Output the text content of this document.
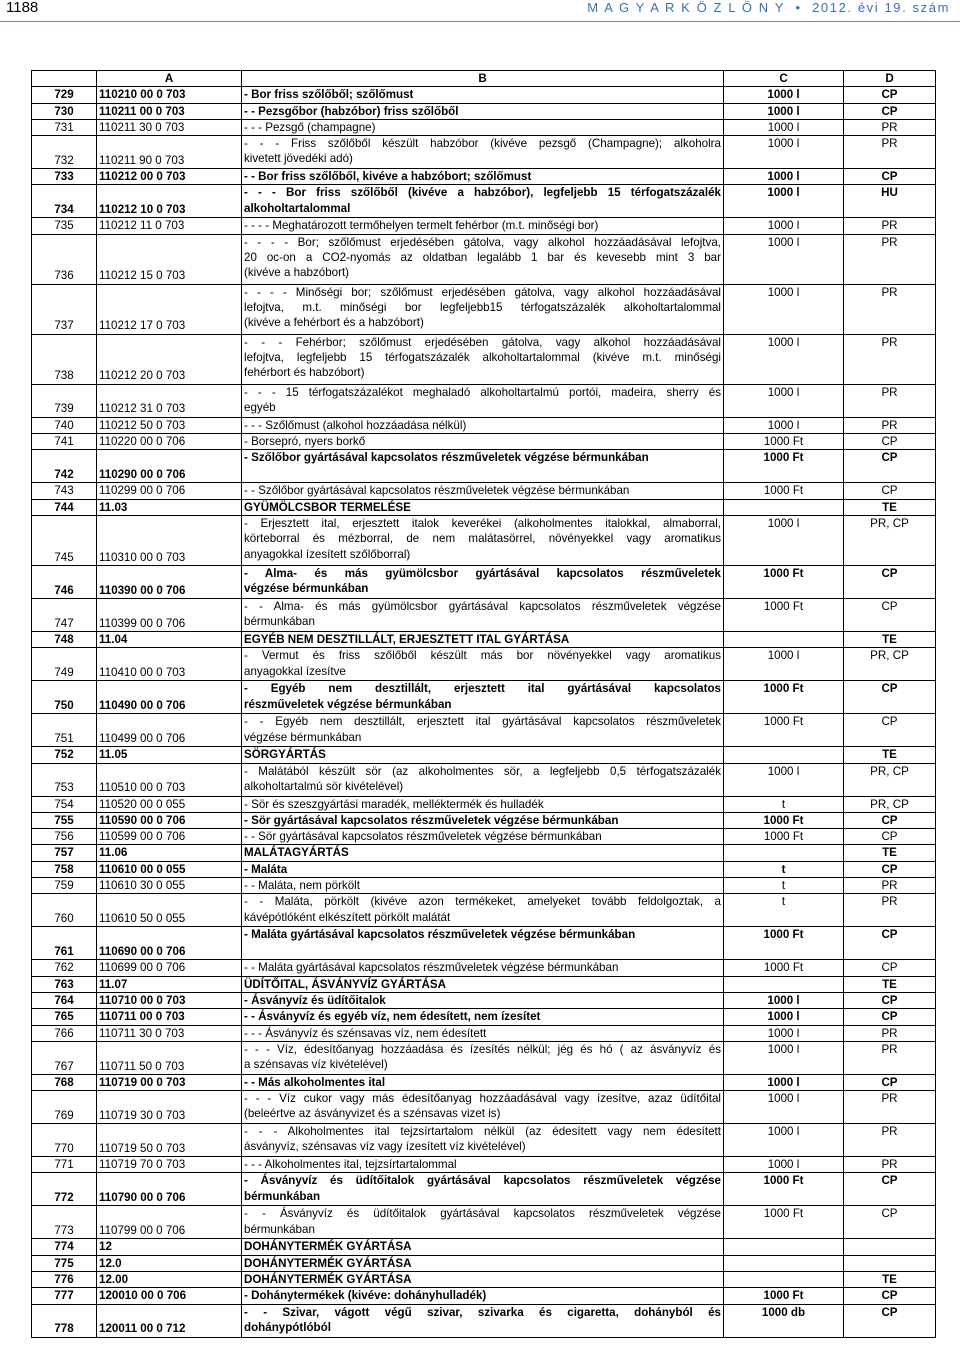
1188	M A G Y A R K Ö Z L Ö N Y • 2012. évi 19. szám
	A	B	C	D
729	110210 00 0 703	- Bor friss szőlőből; szőlőmust	1000 l	CP
730	110211 00 0 703	- - Pezsgőbor (habzóbor) friss szőlőből	1000 l	CP
731	110211 30 0 703	- - - Pezsgő (champagne)	1000 l	PR
732	110211 90 0 703	- - - Friss szőlőből készült habzóbor (kivéve pezsgő (Champagne); alkoholra
kivetett jövedéki adó)	1000 l	PR
733	110212 00 0 703	- - Bor friss szőlőből, kivéve a habzóbort; szőlőmust	1000 l	CP
734	110212 10 0 703	- - - Bor friss szőlőből (kivéve a habzóbor), legfeljebb 15 térfogatszázalék
alkoholtartalommal	1000 l	HU
735	110212 11 0 703	- - - - Meghatározott termőhelyen termelt fehérbor (m.t. minőségi bor)	1000 l	PR
736	110212 15 0 703	- - - - Bor; szőlőmust erjedésében gátolva, vagy alkohol hozzáadásával lefojtva,
20 oc-on a CO2-nyomás az oldatban legalább 1 bar és kevesebb mint 3 bar
(kivéve a habzóbort)	1000 l	PR
737	110212 17 0 703	- - - - Minőségi bor; szőlőmust erjedésében gátolva, vagy alkohol hozzáadásával
lefojtva, m.t. minőségi bor legfeljebb15 térfogatszázalék alkoholtartalommal
(kivéve a fehérbort és a habzóbort)	1000 l	PR
738	110212 20 0 703	- - - Fehérbor; szőlőmust erjedésében gátolva, vagy alkohol hozzáadásával
lefojtva, legfeljebb 15 térfogatszázalék alkoholtartalommal (kivéve m.t. minőségi
fehérbort és habzóbort)	1000 l	PR
739	110212 31 0 703	- - - 15 térfogatszázalékot meghaladó alkoholtartalmú portói, madeira, sherry és
egyéb	1000 l	PR
740	110212 50 0 703	- - - Szőlőmust (alkohol hozzáadása nélkül)	1000 l	PR
741	110220 00 0 706	- Borsepró, nyers borkő	1000 Ft	CP
742	110290 00 0 706	- Szőlőbor gyártásával kapcsolatos részműveletek végzése bérmunkában	1000 Ft	CP
743	110299 00 0 706	- - Szőlőbor gyártásával kapcsolatos részműveletek végzése bérmunkában	1000 Ft	CP
744	11.03	GYÜMÖLCSBOR TERMELÉSE		TE
745	110310 00 0 703	- Erjesztett ital, erjesztett italok keverékei (alkoholmentes italokkal, almaborral,
körteborral és mézborral, de nem malátasörrel, növényekkel vagy aromatikus
anyagokkal ízesített szőlőborral)	1000 l	PR, CP
746	110390 00 0 706	- Alma- és más gyümölcsbor gyártásával kapcsolatos részműveletek
végzése bérmunkában	1000 Ft	CP
747	110399 00 0 706	- - Alma- és más gyümölcsbor gyártásával kapcsolatos részműveletek végzése
bérmunkában	1000 Ft	CP
748	11.04	EGYÉB NEM DESZTILLÁLT, ERJESZTETT ITAL GYÁRTÁSA		TE
749	110410 00 0 703	- Vermut és friss szőlőből készült más bor növényekkel vagy aromatikus
anyagokkal ízesítve	1000 l	PR, CP
750	110490 00 0 706	- Egyéb nem desztillált, erjesztett ital gyártásával kapcsolatos
részműveletek végzése bérmunkában	1000 Ft	CP
751	110499 00 0 706	- - Egyéb nem desztillált, erjesztett ital gyártásával kapcsolatos részműveletek
végzése bérmunkában	1000 Ft	CP
752	11.05	SÖRGYÁRTÁS		TE
753	110510 00 0 703	- Malátából készült sör (az alkoholmentes sör, a legfeljebb 0,5 térfogatszázalék
alkoholtartalmú sör kivételével)	1000 l	PR, CP
754	110520 00 0 055	- Sör és szeszgyártási maradék, melléktermék és hulladék	t	PR, CP
755	110590 00 0 706	- Sör gyártásával kapcsolatos részműveletek végzése bérmunkában	1000 Ft	CP
756	110599 00 0 706	- - Sör gyártásával kapcsolatos részműveletek végzése bérmunkában	1000 Ft	CP
757	11.06	MALÁTAGYÁRTÁS		TE
758	110610 00 0 055	- Maláta	t	CP
759	110610 30 0 055	- - Maláta, nem pörkölt	t	PR
760	110610 50 0 055	- - Maláta, pörkölt (kivéve azon termékeket, amelyeket tovább feldolgoztak, a
kávépótlóként elkészített pörkölt malátát	t	PR
761	110690 00 0 706	- Maláta gyártásával kapcsolatos részműveletek végzése bérmunkában	1000 Ft	CP
762	110699 00 0 706	- - Maláta gyártásával kapcsolatos részműveletek végzése bérmunkában	1000 Ft	CP
763	11.07	ÜDÍTŐITAL, ÁSVÁNYVÍZ GYÁRTÁSA		TE
764	110710 00 0 703	- Ásványvíz és üdítőitalok	1000 l	CP
765	110711 00 0 703	- - Ásványvíz és egyéb víz, nem édesített, nem ízesítet	1000 l	CP
766	110711 30 0 703	- - - Ásványvíz és szénsavas víz, nem édesített	1000 l	PR
767	110711 50 0 703	- - - Víz, édesítőanyag hozzáadása és ízesítés nélkül; jég és hó ( az ásványvíz és
a szénsavas víz kivételével)	1000 l	PR
768	110719 00 0 703	- - Más alkoholmentes ital	1000 l	CP
769	110719 30 0 703	- - - Víz cukor vagy más édesítőanyag hozzáadásával vagy ízesítve, azaz üdítőital
(beleértve az ásványvizet és a szénsavas vizet is)	1000 l	PR
770	110719 50 0 703	- - - Alkoholmentes ital tejzsírtartalom nélkül (az édesített vagy nem édesített
ásványvíz, szénsavas víz vagy ízesített víz kivételével)	1000 l	PR
771	110719 70 0 703	- - - Alkoholmentes ital, tejzsírtartalommal	1000 l	PR
772	110790 00 0 706	- Ásványvíz és üdítőitalok gyártásával kapcsolatos részműveletek végzése
bérmunkában	1000 Ft	CP
773	110799 00 0 706	- - Ásványvíz és üdítőitalok gyártásával kapcsolatos részműveletek végzése
bérmunkában	1000 Ft	CP
774	12	DOHÁNYTERMÉK GYÁRTÁSA		

775	12.0	DOHÁNYTERMÉK GYÁRTÁSA		

776	12.00	DOHÁNYTERMÉK GYÁRTÁSA		TE
777	120010 00 0 706	- Dohánytermékek (kivéve: dohányhulladék)	1000 Ft	CP
778	120011 00 0 712	- - Szivar, vágott végű szivar, szivarka és cigaretta, dohányból és
dohánypótlóból	1000 db	CP
